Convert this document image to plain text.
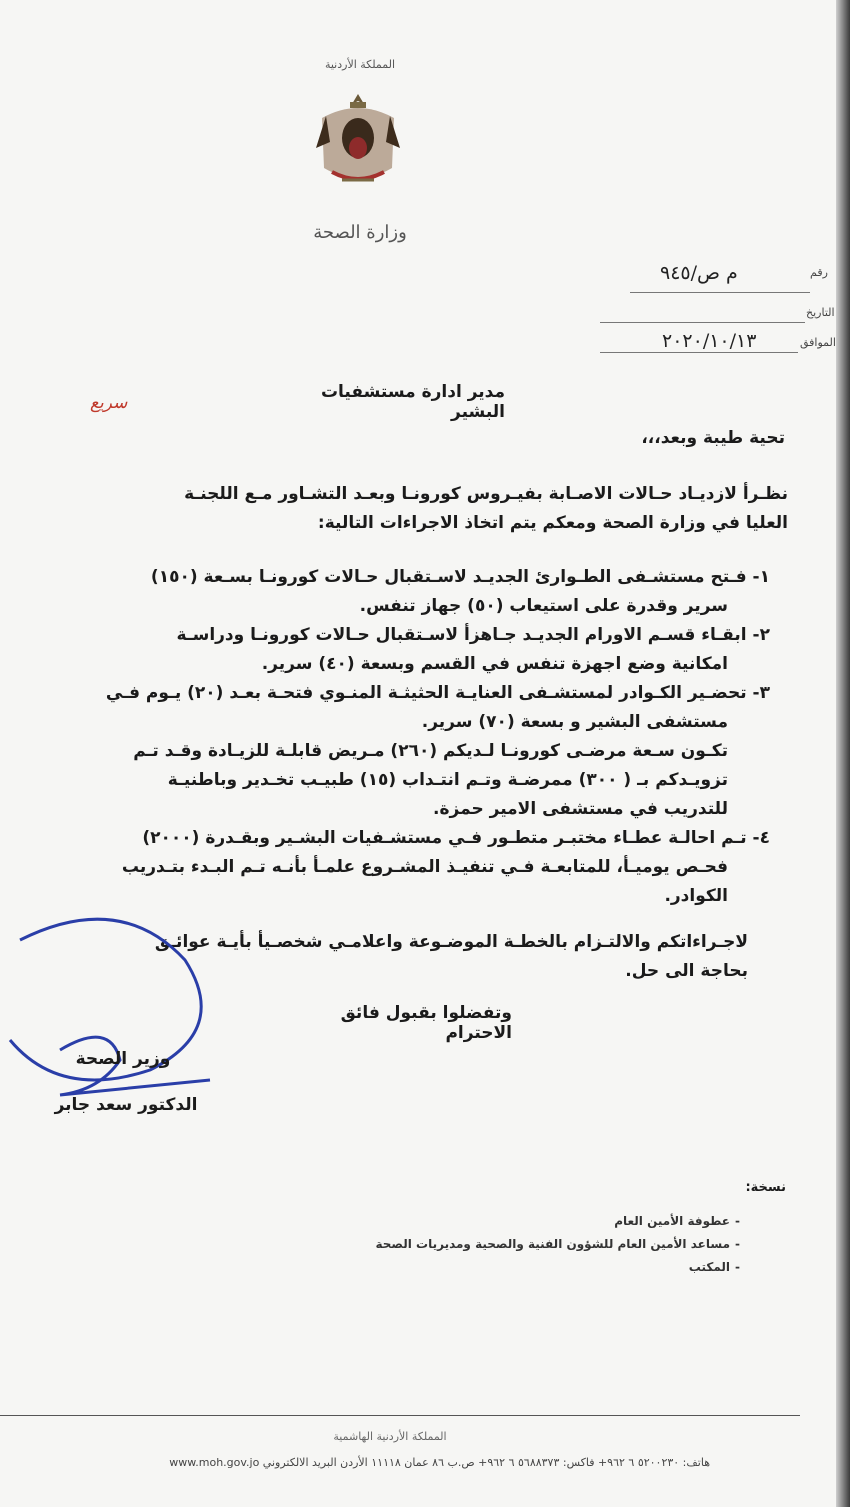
المملكة الأردنية
وزارة الصحة
رقم
م ص/٩٤٥
التاريخ
الموافق
٢٠٢٠/١٠/١٣
مدير ادارة مستشفيات البشير
سريع
تحية طيبة وبعد،،،
نظـرأ لازديـاد حـالات الاصـابة بفيـروس كورونـا وبعـد التشـاور مـع اللجنـة
العليا في وزارة الصحة ومعكم يتم اتخاذ الاجراءات التالية:
١- فـتح مستشـفى الطـوارئ الجديـد لاسـتقبال حـالات كورونـا بسـعة (١٥٠)
سرير وقدرة على استيعاب (٥٠) جهاز تنفس.
٢- ابقـاء قسـم الاورام الجديـد جـاهزأ لاسـتقبال حـالات كورونـا ودراسـة
امكانية وضع اجهزة تنفس في القسم وبسعة (٤٠) سرير.
٣- تحضـير الكـوادر لمستشـفى العنايـة الحثيثـة المنـوي فتحـة بعـد (٢٠) يـوم فـي
مستشفى البشير و بسعة (٧٠) سرير.
تكـون سـعة مرضـى كورونـا لـديكم (٢٦٠) مـريض قابلـة للزيـادة وقـد تـم
تزويـدكم بـ ( ٣٠٠) ممرضـة وتـم انتـداب (١٥) طبيـب تخـدير وباطنيـة
للتدريب في مستشفى الامير حمزة.
٤- تـم احالـة عطـاء مختبـر متطـور فـي مستشـفيات البشـير وبقـدرة (٢٠٠٠)
فحـص يوميـأ، للمتابعـة فـي تنفيـذ المشـروع علمـأ بأنـه تـم البـدء بتـدريب
الكوادر.
لاجـراءاتكم والالتـزام بالخطـة الموضـوعة واعلامـي شخصـيأ بأيـة عوائـق
بحاجة الى حل.
وتفضلوا بقبول فائق الاحترام
وزير الصحة
الدكتور سعد جابر
نسخة:
عطوفة الأمين العام
مساعد الأمين العام للشؤون الفنية والصحية ومديريات الصحة
المكتب
-
-
-
المملكة الأردنية الهاشمية
هاتف: ٥٢٠٠٢٣٠ ٦ ٩٦٢+ فاكس: ٥٦٨٨٣٧٣ ٦ ٩٦٢+ ص.ب ٨٦ عمان ١١١١٨ الأردن البريد الالكتروني www.moh.gov.jo
